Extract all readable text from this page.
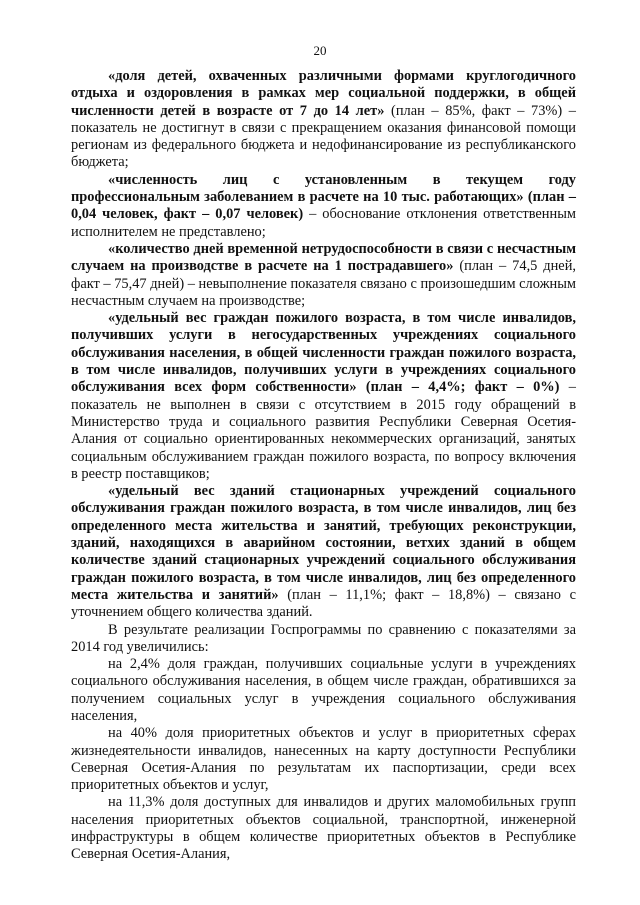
20

«доля детей, охваченных различными формами круглогодичного отдыха и оздоровления в рамках мер социальной поддержки, в общей численности детей в возрасте от 7 до 14 лет» (план – 85%, факт – 73%) – показатель не достигнут в связи с прекращением оказания финансовой помощи регионам из федерального бюджета и недофинансирование из республиканского бюджета;

«численность лиц с установленным в текущем году профессиональным заболеванием в расчете на 10 тыс. работающих» (план – 0,04 человек, факт – 0,07 человек) – обоснование отклонения ответственным исполнителем не представлено;

«количество дней временной нетрудоспособности в связи с несчастным случаем на производстве в расчете на 1 пострадавшего» (план – 74,5 дней, факт – 75,47 дней) – невыполнение показателя связано с произошедшим сложным несчастным случаем на производстве;

«удельный вес граждан пожилого возраста, в том числе инвалидов, получивших услуги в негосударственных учреждениях социального обслуживания населения, в общей численности граждан пожилого возраста, в том числе инвалидов, получивших услуги в учреждениях социального обслуживания всех форм собственности» (план – 4,4%; факт – 0%) – показатель не выполнен в связи с отсутствием в 2015 году обращений в Министерство труда и социального развития Республики Северная Осетия-Алания от социально ориентированных некоммерческих организаций, занятых социальным обслуживанием граждан пожилого возраста, по вопросу включения в реестр поставщиков;

«удельный вес зданий стационарных учреждений социального обслуживания граждан пожилого возраста, в том числе инвалидов, лиц без определенного места жительства и занятий, требующих реконструкции, зданий, находящихся в аварийном состоянии, ветхих зданий в общем количестве зданий стационарных учреждений социального обслуживания граждан пожилого возраста, в том числе инвалидов, лиц без определенного места жительства и занятий» (план – 11,1%; факт – 18,8%) – связано с уточнением общего количества зданий.

В результате реализации Госпрограммы по сравнению с показателями за 2014 год увеличились:

на 2,4% доля граждан, получивших социальные услуги в учреждениях социального обслуживания населения, в общем числе граждан, обратившихся за получением социальных услуг в учреждения социального обслуживания населения,

на 40% доля приоритетных объектов и услуг в приоритетных сферах жизнедеятельности инвалидов, нанесенных на карту доступности Республики Северная Осетия-Алания по результатам их паспортизации, среди всех приоритетных объектов и услуг,

на 11,3% доля доступных для инвалидов и других маломобильных групп населения приоритетных объектов социальной, транспортной, инженерной инфраструктуры в общем количестве приоритетных объектов в Республике Северная Осетия-Алания,
